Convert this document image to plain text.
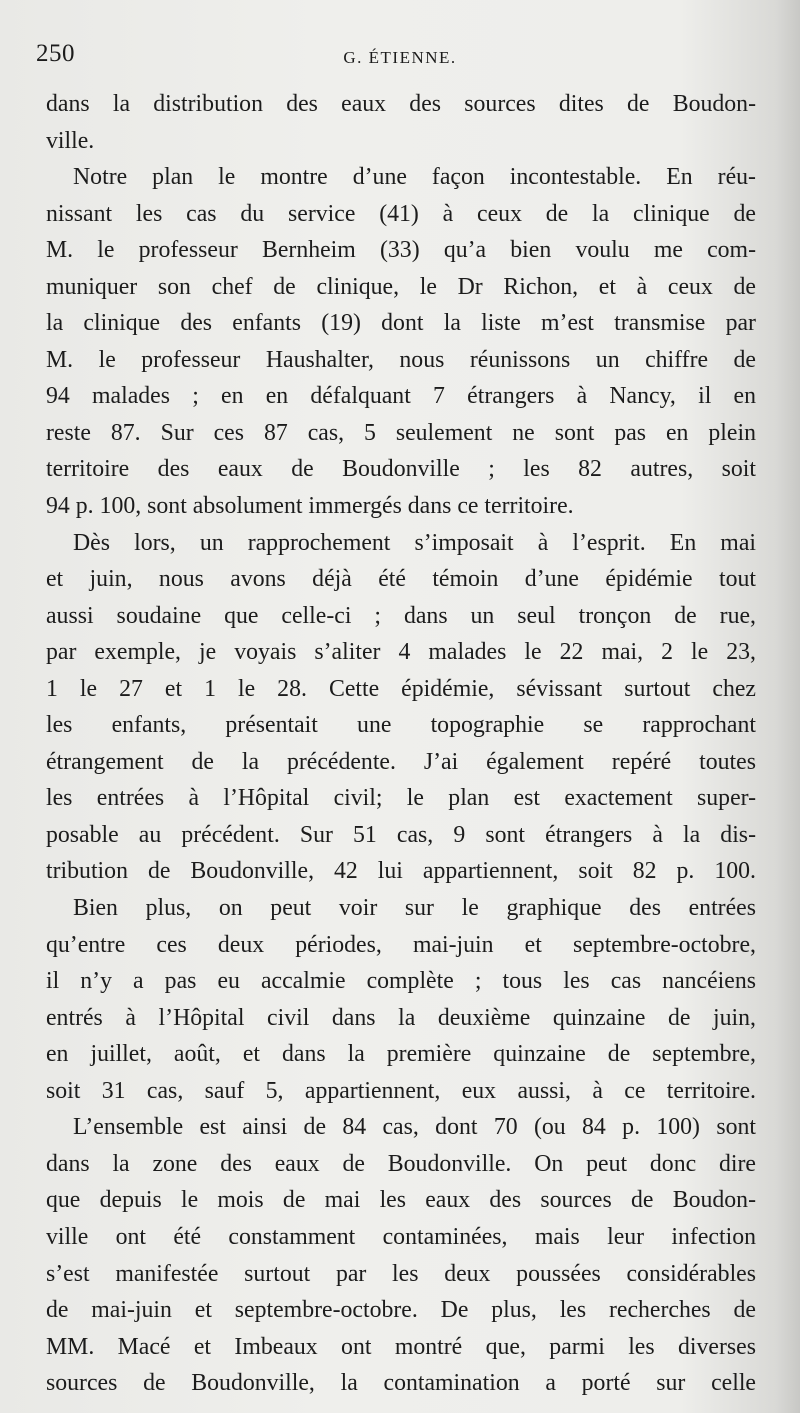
250	G. ÉTIENNE.
dans la distribution des eaux des sources dites de Boudon-
ville.
Notre plan le montre d’une façon incontestable. En réu-
nissant les cas du service (41) à ceux de la clinique de
M. le professeur Bernheim (33) qu’a bien voulu me com-
muniquer son chef de clinique, le Dr Richon, et à ceux de
la clinique des enfants (19) dont la liste m’est transmise par
M. le professeur Haushalter, nous réunissons un chiffre de
94 malades ; en en défalquant 7 étrangers à Nancy, il en
reste 87. Sur ces 87 cas, 5 seulement ne sont pas en plein
territoire des eaux de Boudonville ; les 82 autres, soit
94 p. 100, sont absolument immergés dans ce territoire.
Dès lors, un rapprochement s’imposait à l’esprit. En mai
et juin, nous avons déjà été témoin d’une épidémie tout
aussi soudaine que celle-ci ; dans un seul tronçon de rue,
par exemple, je voyais s’aliter 4 malades le 22 mai, 2 le 23,
1 le 27 et 1 le 28. Cette épidémie, sévissant surtout chez
les enfants, présentait une topographie se rapprochant
étrangement de la précédente. J’ai également repéré toutes
les entrées à l’Hôpital civil; le plan est exactement super-
posable au précédent. Sur 51 cas, 9 sont étrangers à la dis-
tribution de Boudonville, 42 lui appartiennent, soit 82 p. 100.
Bien plus, on peut voir sur le graphique des entrées
qu’entre ces deux périodes, mai-juin et septembre-octobre,
il n’y a pas eu accalmie complète ; tous les cas nancéiens
entrés à l’Hôpital civil dans la deuxième quinzaine de juin,
en juillet, août, et dans la première quinzaine de septembre,
soit 31 cas, sauf 5, appartiennent, eux aussi, à ce territoire.
L’ensemble est ainsi de 84 cas, dont 70 (ou 84 p. 100) sont
dans la zone des eaux de Boudonville. On peut donc dire
que depuis le mois de mai les eaux des sources de Boudon-
ville ont été constamment contaminées, mais leur infection
s’est manifestée surtout par les deux poussées considérables
de mai-juin et septembre-octobre. De plus, les recherches de
MM. Macé et Imbeaux ont montré que, parmi les diverses
sources de Boudonville, la contamination a porté sur celle
